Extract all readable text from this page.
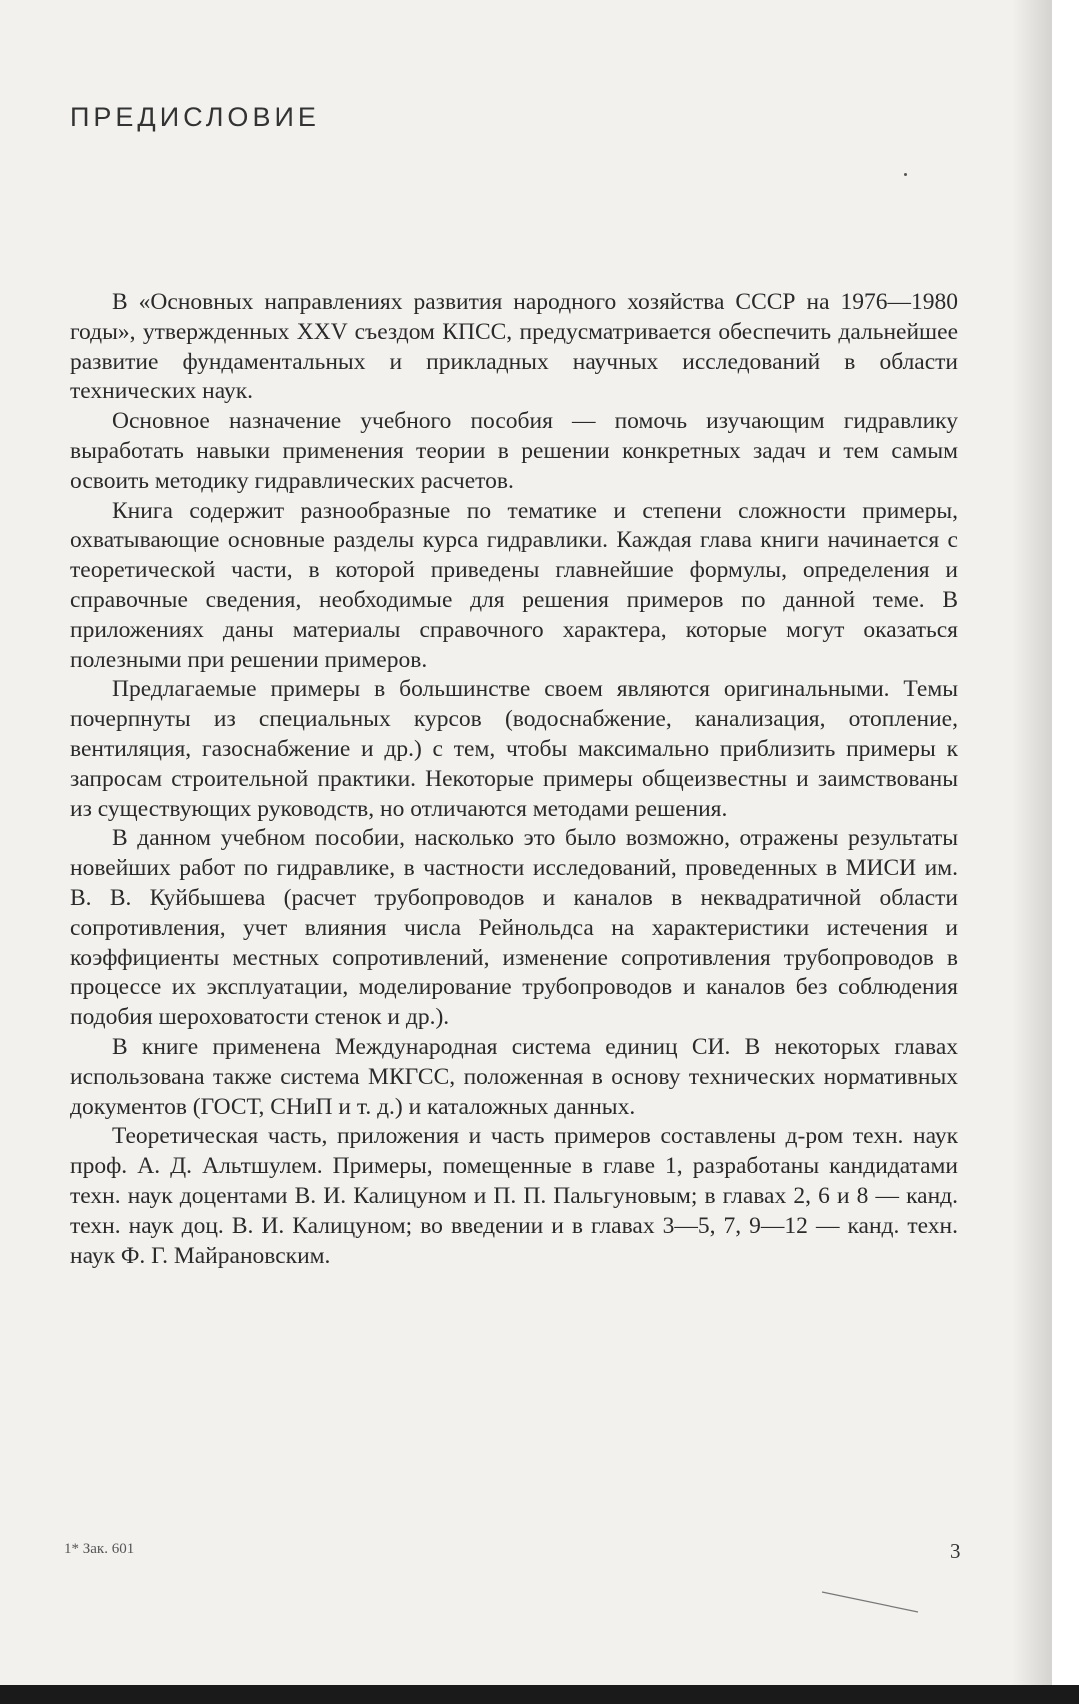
ПРЕДИСЛОВИЕ

В «Основных направлениях развития народного хозяйства СССР на 1976—1980 годы», утвержденных XXV съездом КПСС, предусматривается обеспечить дальнейшее развитие фундаментальных и прикладных научных исследований в области технических наук.

Основное назначение учебного пособия — помочь изучающим гидравлику выработать навыки применения теории в решении конкретных задач и тем самым освоить методику гидравлических расчетов.

Книга содержит разнообразные по тематике и степени сложности примеры, охватывающие основные разделы курса гидравлики. Каждая глава книги начинается с теоретической части, в которой приведены главнейшие формулы, определения и справочные сведения, необходимые для решения примеров по данной теме. В приложениях даны материалы справочного характера, которые могут оказаться полезными при решении примеров.

Предлагаемые примеры в большинстве своем являются оригинальными. Темы почерпнуты из специальных курсов (водоснабжение, канализация, отопление, вентиляция, газоснабжение и др.) с тем, чтобы максимально приблизить примеры к запросам строительной практики. Некоторые примеры общеизвестны и заимствованы из существующих руководств, но отличаются методами решения.

В данном учебном пособии, насколько это было возможно, отражены результаты новейших работ по гидравлике, в частности исследований, проведенных в МИСИ им. В. В. Куйбышева (расчет трубопроводов и каналов в неквадратичной области сопротивления, учет влияния числа Рейнольдса на характеристики истечения и коэффициенты местных сопротивлений, изменение сопротивления трубопроводов в процессе их эксплуатации, моделирование трубопроводов и каналов без соблюдения подобия шероховатости стенок и др.).

В книге применена Международная система единиц СИ. В некоторых главах использована также система МКГСС, положенная в основу технических нормативных документов (ГОСТ, СНиП и т. д.) и каталожных данных.

Теоретическая часть, приложения и часть примеров составлены д-ром техн. наук проф. А. Д. Альтшулем. Примеры, помещенные в главе 1, разработаны кандидатами техн. наук доцентами В. И. Калицуном и П. П. Пальгуновым; в главах 2, 6 и 8 — канд. техн. наук доц. В. И. Калицуном; во введении и в главах 3—5, 7, 9—12 — канд. техн. наук Ф. Г. Майрановским.

1* Зак. 601	3
